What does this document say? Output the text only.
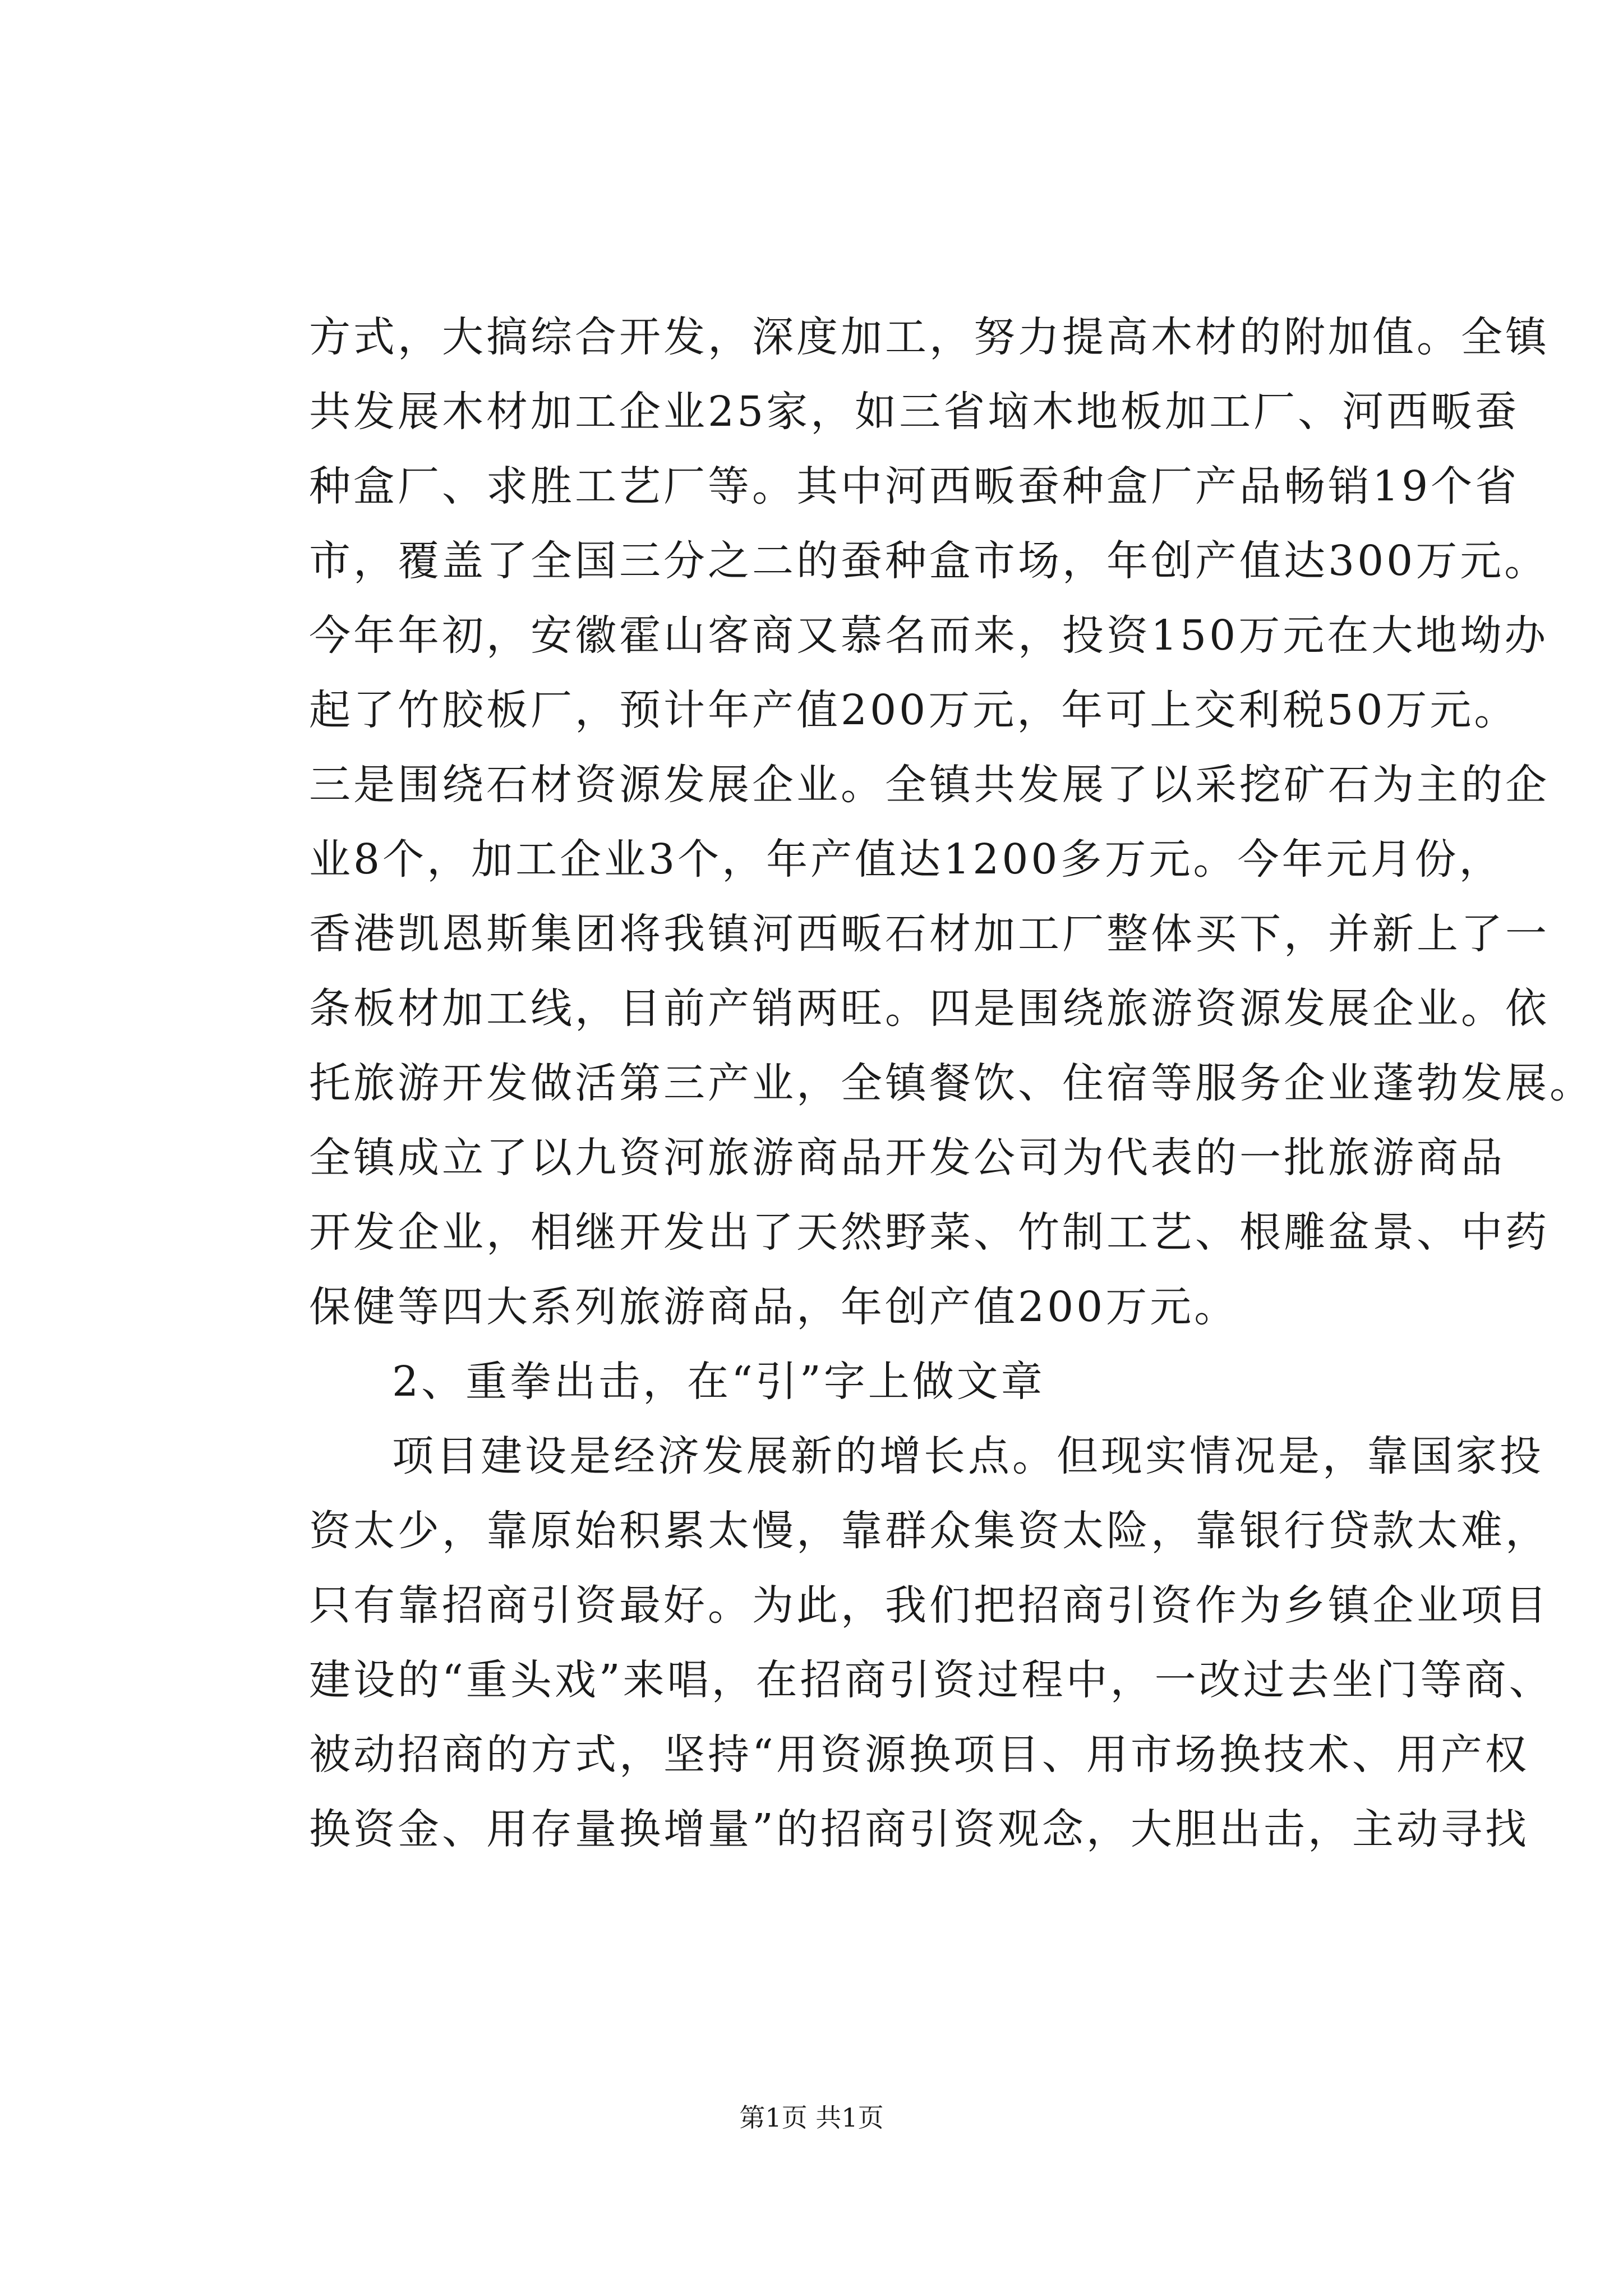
方式，大搞综合开发，深度加工，努力提高木材的附加值。全镇
共发展木材加工企业25家，如三省垴木地板加工厂、河西畈蚕
种盒厂、求胜工艺厂等。其中河西畈蚕种盒厂产品畅销19个省
市，覆盖了全国三分之二的蚕种盒市场，年创产值达300万元。
今年年初，安徽霍山客商又慕名而来，投资150万元在大地坳办
起了竹胶板厂，预计年产值200万元，年可上交利税50万元。
三是围绕石材资源发展企业。全镇共发展了以采挖矿石为主的企
业8个，加工企业3个，年产值达1200多万元。今年元月份，
香港凯恩斯集团将我镇河西畈石材加工厂整体买下，并新上了一
条板材加工线，目前产销两旺。四是围绕旅游资源发展企业。依
托旅游开发做活第三产业，全镇餐饮、住宿等服务企业蓬勃发展。
全镇成立了以九资河旅游商品开发公司为代表的一批旅游商品
开发企业，相继开发出了天然野菜、竹制工艺、根雕盆景、中药
保健等四大系列旅游商品，年创产值200万元。
2、重拳出击，在“引”字上做文章
项目建设是经济发展新的增长点。但现实情况是，靠国家投
资太少，靠原始积累太慢，靠群众集资太险，靠银行贷款太难，
只有靠招商引资最好。为此，我们把招商引资作为乡镇企业项目
建设的“重头戏”来唱，在招商引资过程中，一改过去坐门等商、
被动招商的方式，坚持“用资源换项目、用市场换技术、用产权
换资金、用存量换增量”的招商引资观念，大胆出击，主动寻找
第1页 共1页
